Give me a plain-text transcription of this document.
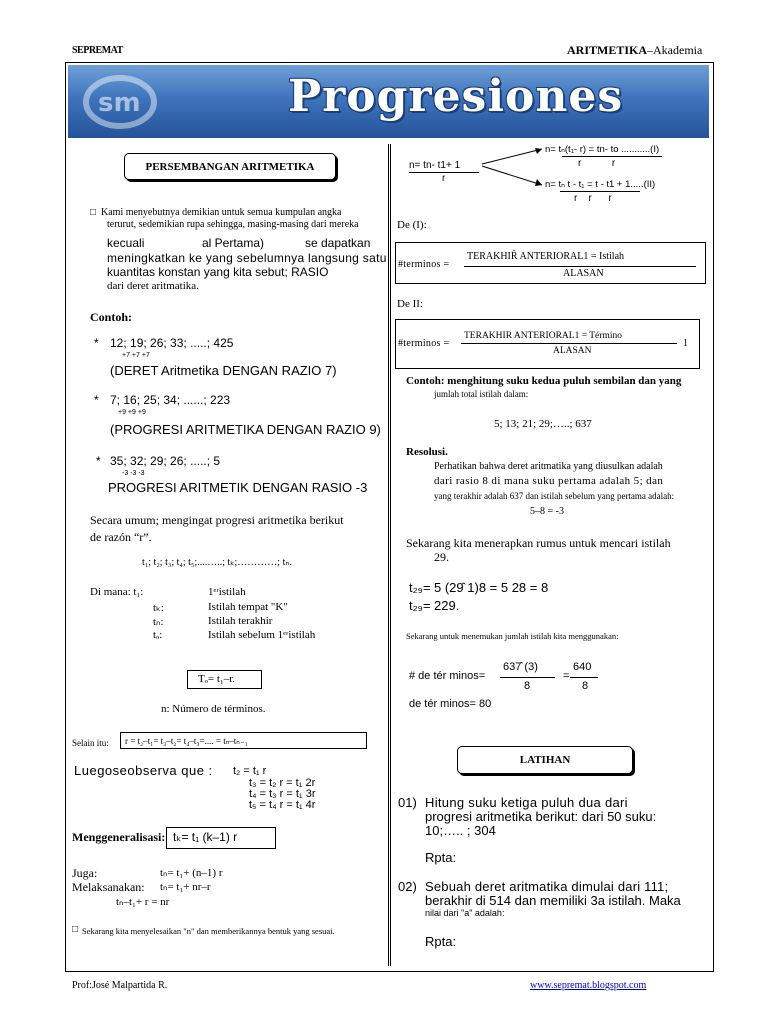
SEPREMAT	ARITMETIKA–Akademia
sm	Progresiones
PERSEMBANGAN ARITMETIKA
□ Kami menyebutnya demikian untuk semua kumpulan angka
terurut, sedemikian rupa sehingga, masing-masing dari mereka
kecuali	al Pertama)	se dapatkan
meningkatkan ke yang sebelumnya langsung satu
kuantitas konstan yang kita sebut; RASIO
dari deret aritmatika.
Contoh:
* 12; 19; 26; 33; .....; 425
+7 +7 +7
(DERET Aritmetika DENGAN RAZIO 7)
* 7; 16; 25; 34; ......; 223
+9 +9 +9
(PROGRESI ARITMETIKA DENGAN RAZIO 9)
* 35; 32; 29; 26; .....; 5
-3 -3 -3
PROGRESI ARITMETIK DENGAN RASIO -3
Secara umum; mengingat progresi aritmetika berikut
de razón “r”.
t₁; t₂; t₃; t₄; t₅;....…..; tₖ;…………; tₙ.
Di mana: t₁:	1ᵉʳistilah
tₖ:	Istilah tempat "K"
tₙ:	Istilah terakhir
tₒ:	Istilah sebelum 1ᵉʳistilah
Tₒ= t₁–r.
n: Número de términos.
Selain itu: r = t₂–t₁= t₃–t₂= t₄–t₃=.... = tₙ–tₙ₋₁
Luegoseobserva que : t₂ = t₁ r
t₃ = t₂ r = t₁ 2r
t₄ = t₃ r = t₁ 3r
t₅ = t₄ r = t₁ 4r
Menggeneralisasi: tₖ= t₁ (k–1) r
Juga:	tₙ= t₁+ (n–1) r
Melaksanakan: tₙ= t₁+ nr–r
tₙ–t₁+ r = nr
□ Sekarang kita menyelesaikan "n" dan memberikannya bentuk yang sesuai.
n= tn- t1+ 1
r
n= tₙ(t₁- r) = tn- to ...........(I)
r           r
n= tₙ t - t₁ = t - t1 + 1.....(II)
r    r      r
De (I):
#terminos =
TERAKHIR̃ ANTERIORAL1 = Istilah
ALASAN
De II:
#terminos =
TERAKHIR ANTERIORAL1 = Término
ALASAN
1
Contoh: menghitung suku kedua puluh sembilan dan yang
jumlah total istilah dalam:
5; 13; 21; 29;…..; 637
Resolusi.
Perhatikan bahwa deret aritmatika yang diusulkan adalah
dari rasio 8 di mana suku pertama adalah 5; dan
yang terakhir adalah 637 dan istilah sebelum yang pertama adalah:
5–8 = -3
Sekarang kita menerapkan rumus untuk mencari istilah
29.
t₂₉= 5 (29̂ 1)8 = 5 28 = 8
t₂₉= 229.
Sekarang untuk menemukan jumlah istilah kita menggunakan:
# de tér minos=
637̂ (3)
8
=
640
8
de tér minos= 80
LATIHAN
01) Hitung suku ketiga puluh dua dari
progresi aritmetika berikut: dari 50 suku:
10;….. ; 304
Rpta:
02) Sebuah deret aritmatika dimulai dari 111;
berakhir di 514 dan memiliki 3a istilah. Maka
nilai dari "a" adalah:
Rpta:
Prof:José Malpartida R.	www.sepremat.blogspot.com
